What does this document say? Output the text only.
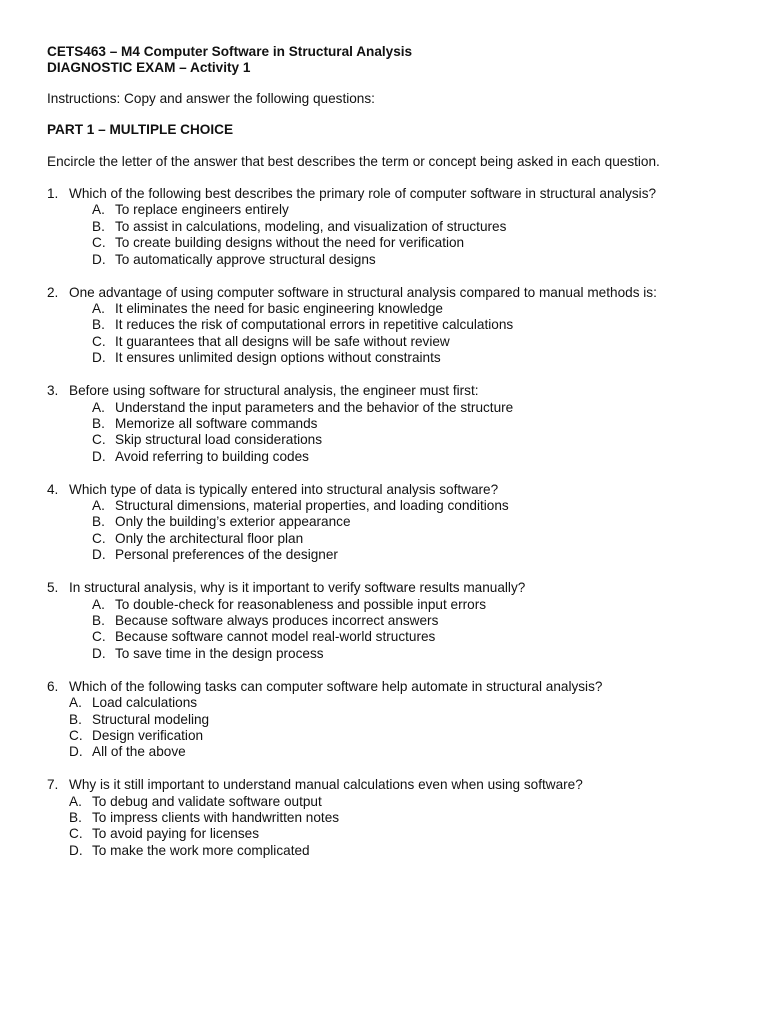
CETS463 – M4 Computer Software in Structural Analysis
DIAGNOSTIC EXAM – Activity 1
Instructions: Copy and answer the following questions:
PART 1 – MULTIPLE CHOICE
Encircle the letter of the answer that best describes the term or concept being asked in each question.
1. Which of the following best describes the primary role of computer software in structural analysis?
A. To replace engineers entirely
B. To assist in calculations, modeling, and visualization of structures
C. To create building designs without the need for verification
D. To automatically approve structural designs
2. One advantage of using computer software in structural analysis compared to manual methods is:
A. It eliminates the need for basic engineering knowledge
B. It reduces the risk of computational errors in repetitive calculations
C. It guarantees that all designs will be safe without review
D. It ensures unlimited design options without constraints
3. Before using software for structural analysis, the engineer must first:
A. Understand the input parameters and the behavior of the structure
B. Memorize all software commands
C. Skip structural load considerations
D. Avoid referring to building codes
4. Which type of data is typically entered into structural analysis software?
A. Structural dimensions, material properties, and loading conditions
B. Only the building’s exterior appearance
C. Only the architectural floor plan
D. Personal preferences of the designer
5. In structural analysis, why is it important to verify software results manually?
A. To double-check for reasonableness and possible input errors
B. Because software always produces incorrect answers
C. Because software cannot model real-world structures
D. To save time in the design process
6. Which of the following tasks can computer software help automate in structural analysis?
A. Load calculations
B. Structural modeling
C. Design verification
D. All of the above
7. Why is it still important to understand manual calculations even when using software?
A. To debug and validate software output
B. To impress clients with handwritten notes
C. To avoid paying for licenses
D. To make the work more complicated
